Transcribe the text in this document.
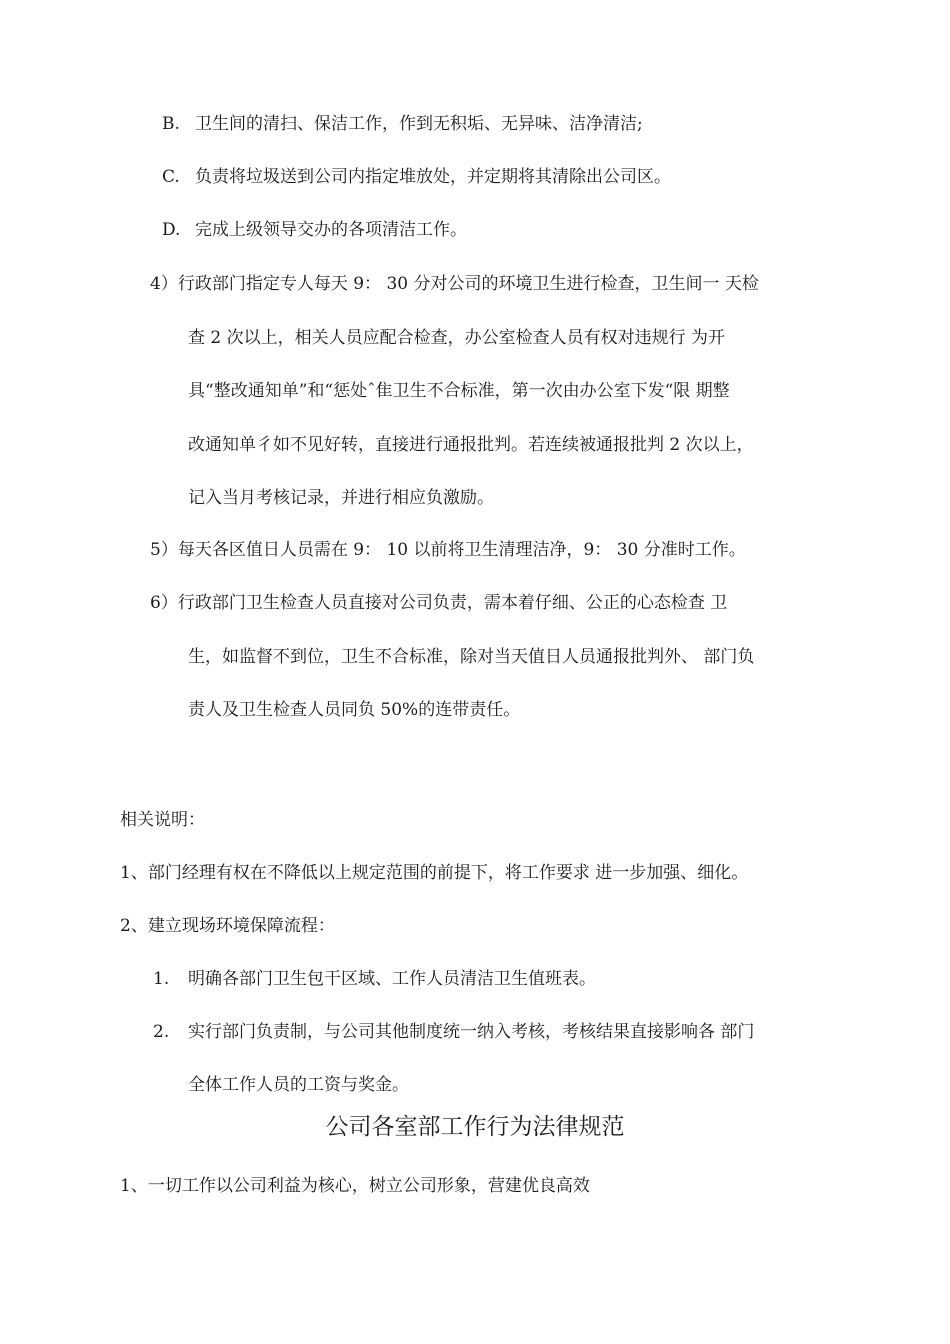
B. 卫生间的清扫、保洁工作，作到无积垢、无异味、洁净清洁;
C. 负责将垃圾送到公司内指定堆放处，并定期将其清除出公司区。
D. 完成上级领导交办的各项清洁工作。
4）行政部门指定专人每天 9： 30 分对公司的环境卫生进行检查，卫生间一 天检
查 2 次以上，相关人员应配合检查，办公室检查人员有权对违规行 为开
具“整改通知单”和“惩处ˆ隹卫生不合标准，第一次由办公室下发“限 期整
改通知单彳如不见好转，直接进行通报批判。若连续被通报批判 2 次以上，
记入当月考核记录，并进行相应负激励。
5）每天各区值日人员需在 9： 10 以前将卫生清理洁净，9： 30 分准时工作。
6）行政部门卫生检查人员直接对公司负责，需本着仔细、公正的心态检查 卫
生，如监督不到位，卫生不合标准，除对当天值日人员通报批判外、 部门负
责人及卫生检查人员同负 50%的连带责任。
相关说明：
1、部门经理有权在不降低以上规定范围的前提下，将工作要求 进一步加强、细化。
2、建立现场环境保障流程：
1. 明确各部门卫生包干区域、工作人员清洁卫生值班表。
2. 实行部门负责制，与公司其他制度统一纳入考核，考核结果直接影响各 部门
全体工作人员的工资与奖金。
公司各室部工作行为法律规范
1、一切工作以公司利益为核心，树立公司形象，营建优良高效
